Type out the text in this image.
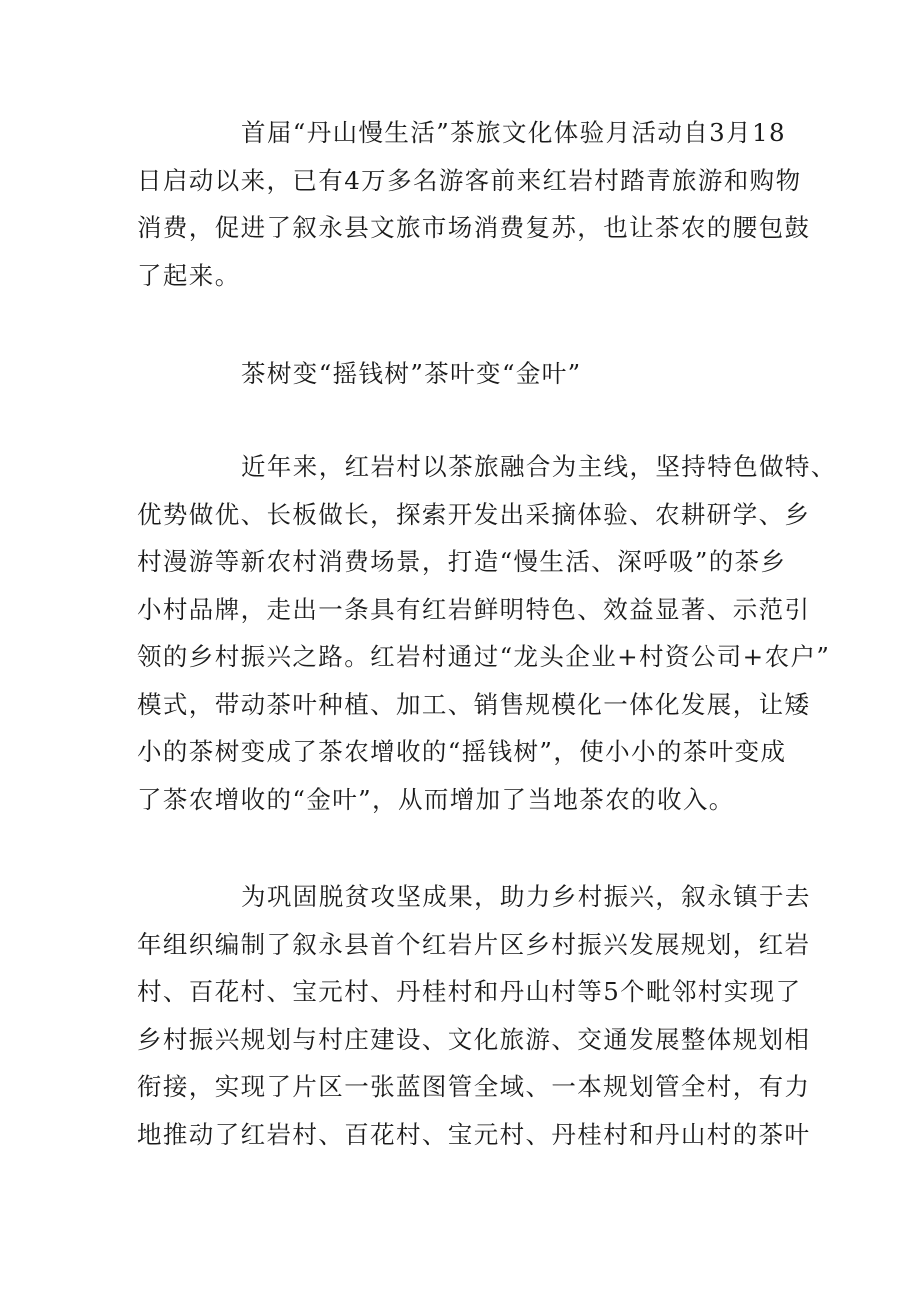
首届“丹山慢生活”茶旅文化体验月活动自3月18
日启动以来，已有4万多名游客前来红岩村踏青旅游和购物
消费，促进了叙永县文旅市场消费复苏，也让茶农的腰包鼓
了起来。
茶树变“摇钱树”茶叶变“金叶”
近年来，红岩村以茶旅融合为主线，坚持特色做特、
优势做优、长板做长，探索开发出采摘体验、农耕研学、乡
村漫游等新农村消费场景，打造“慢生活、深呼吸”的茶乡
小村品牌，走出一条具有红岩鲜明特色、效益显著、示范引
领的乡村振兴之路。红岩村通过“龙头企业+村资公司+农户”
模式，带动茶叶种植、加工、销售规模化一体化发展，让矮
小的茶树变成了茶农增收的“摇钱树”，使小小的茶叶变成
了茶农增收的“金叶”，从而增加了当地茶农的收入。
为巩固脱贫攻坚成果，助力乡村振兴，叙永镇于去
年组织编制了叙永县首个红岩片区乡村振兴发展规划，红岩
村、百花村、宝元村、丹桂村和丹山村等5个毗邻村实现了
乡村振兴规划与村庄建设、文化旅游、交通发展整体规划相
衔接，实现了片区一张蓝图管全域、一本规划管全村，有力
地推动了红岩村、百花村、宝元村、丹桂村和丹山村的茶叶
